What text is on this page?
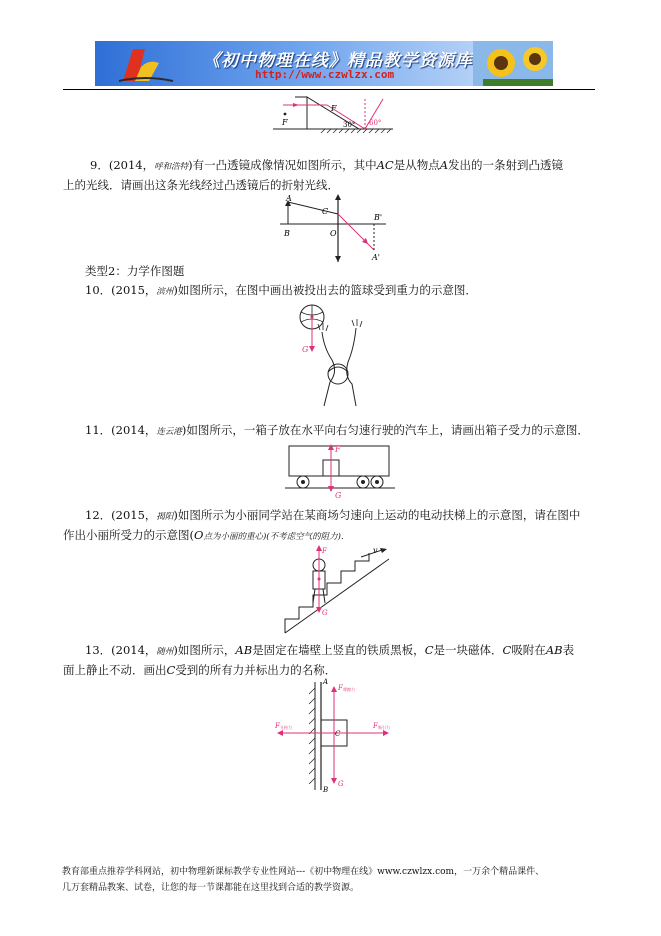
《初中物理在线》精品教学资源库
http://www.czwlzx.com
F
F
30° 60°
9．(2014，呼和浩特)有一凸透镜成像情况如图所示，其中AC是从物点A发出的一条射到凸透镜
上的光线．请画出这条光线经过凸透镜后的折射光线．
A
B
C
O
B'
A'
类型2：力学作图题
10．(2015，滨州)如图所示，在图中画出被投出去的篮球受到重力的示意图．
G
11．(2014，连云港)如图所示，一箱子放在水平向右匀速行驶的汽车上，请画出箱子受力的示意图．
F
G
12．(2015，揭阳)如图所示为小丽同学站在某商场匀速向上运动的电动扶梯上的示意图，请在图中
作出小丽所受力的示意图(O点为小丽的重心)(不考虑空气的阻力)．
v
F
G
13．(2014，随州)如图所示，AB是固定在墙壁上竖直的铁质黑板，C是一块磁体．C吸附在AB表
面上静止不动．画出C受到的所有力并标出力的名称．
A
B
C
F 摩擦力
F 支持力	F 吸引力
G
教育部重点推荐学科网站，初中物理新课标教学专业性网站---《初中物理在线》www.czwlzx.com，一万余个精品课件、
几万套精品教案、试卷，让您的每一节课都能在这里找到合适的教学资源。
